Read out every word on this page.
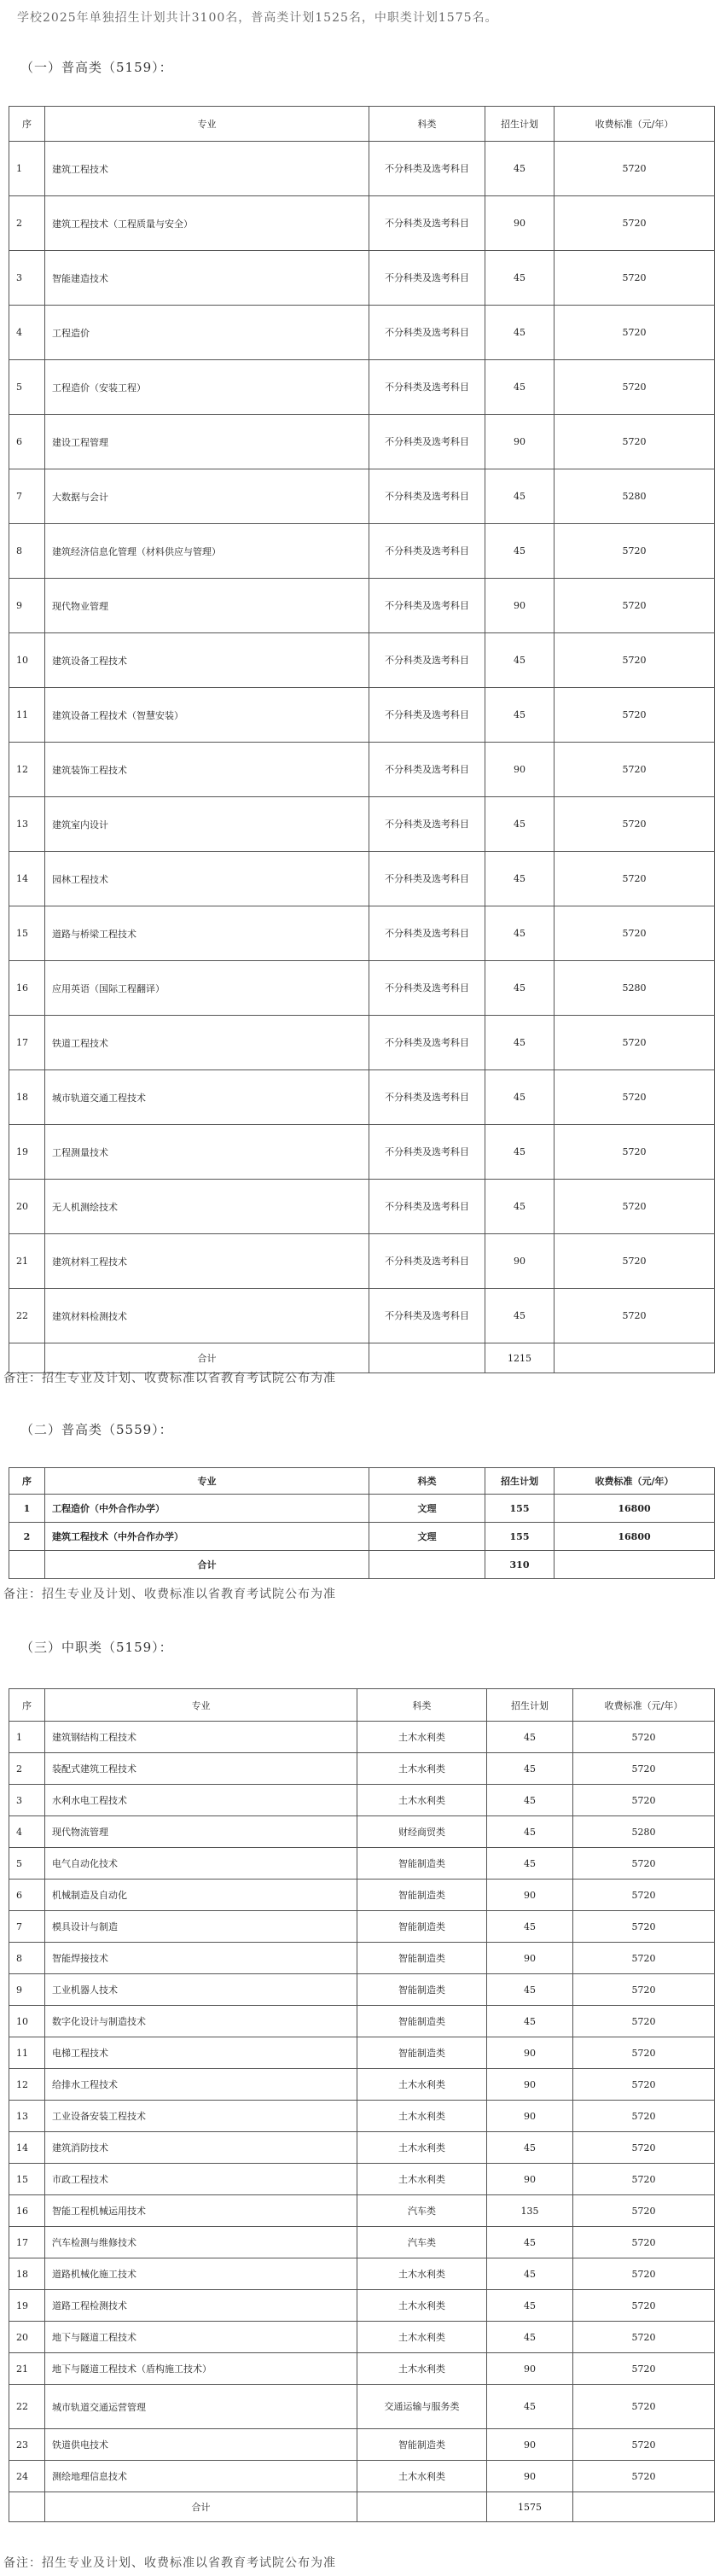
学校2025年单独招生计划共计3100名，普高类计划1525名，中职类计划1575名。
（一）普高类（5159）：
序	专业	科类	招生计划	收费标准（元/年）
1	建筑工程技术	不分科类及选考科目	45	5720
2	建筑工程技术（工程质量与安全）	不分科类及选考科目	90	5720
3	智能建造技术	不分科类及选考科目	45	5720
4	工程造价	不分科类及选考科目	45	5720
5	工程造价（安装工程）	不分科类及选考科目	45	5720
6	建设工程管理	不分科类及选考科目	90	5720
7	大数据与会计	不分科类及选考科目	45	5280
8	建筑经济信息化管理（材料供应与管理）	不分科类及选考科目	45	5720
9	现代物业管理	不分科类及选考科目	90	5720
10	建筑设备工程技术	不分科类及选考科目	45	5720
11	建筑设备工程技术（智慧安装）	不分科类及选考科目	45	5720
12	建筑装饰工程技术	不分科类及选考科目	90	5720
13	建筑室内设计	不分科类及选考科目	45	5720
14	园林工程技术	不分科类及选考科目	45	5720
15	道路与桥梁工程技术	不分科类及选考科目	45	5720
16	应用英语（国际工程翻译）	不分科类及选考科目	45	5280
17	铁道工程技术	不分科类及选考科目	45	5720
18	城市轨道交通工程技术	不分科类及选考科目	45	5720
19	工程测量技术	不分科类及选考科目	45	5720
20	无人机测绘技术	不分科类及选考科目	45	5720
21	建筑材料工程技术	不分科类及选考科目	90	5720
22	建筑材料检测技术	不分科类及选考科目	45	5720
	合计		1215	
备注：招生专业及计划、收费标准以省教育考试院公布为准
（二）普高类（5559）：
序	专业	科类	招生计划	收费标准（元/年）
1	工程造价（中外合作办学）	文理	155	16800
2	建筑工程技术（中外合作办学）	文理	155	16800
	合计		310	
备注：招生专业及计划、收费标准以省教育考试院公布为准
（三）中职类（5159）：
序	专业	科类	招生计划	收费标准（元/年）
1	建筑钢结构工程技术	土木水利类	45	5720
2	装配式建筑工程技术	土木水利类	45	5720
3	水利水电工程技术	土木水利类	45	5720
4	现代物流管理	财经商贸类	45	5280
5	电气自动化技术	智能制造类	45	5720
6	机械制造及自动化	智能制造类	90	5720
7	模具设计与制造	智能制造类	45	5720
8	智能焊接技术	智能制造类	90	5720
9	工业机器人技术	智能制造类	45	5720
10	数字化设计与制造技术	智能制造类	45	5720
11	电梯工程技术	智能制造类	90	5720
12	给排水工程技术	土木水利类	90	5720
13	工业设备安装工程技术	土木水利类	90	5720
14	建筑消防技术	土木水利类	45	5720
15	市政工程技术	土木水利类	90	5720
16	智能工程机械运用技术	汽车类	135	5720
17	汽车检测与维修技术	汽车类	45	5720
18	道路机械化施工技术	土木水利类	45	5720
19	道路工程检测技术	土木水利类	45	5720
20	地下与隧道工程技术	土木水利类	45	5720
21	地下与隧道工程技术（盾构施工技术）	土木水利类	90	5720
22	城市轨道交通运营管理	交通运输与服务类	45	5720
23	铁道供电技术	智能制造类	90	5720
24	测绘地理信息技术	土木水利类	90	5720
	合计		1575	
备注：招生专业及计划、收费标准以省教育考试院公布为准
